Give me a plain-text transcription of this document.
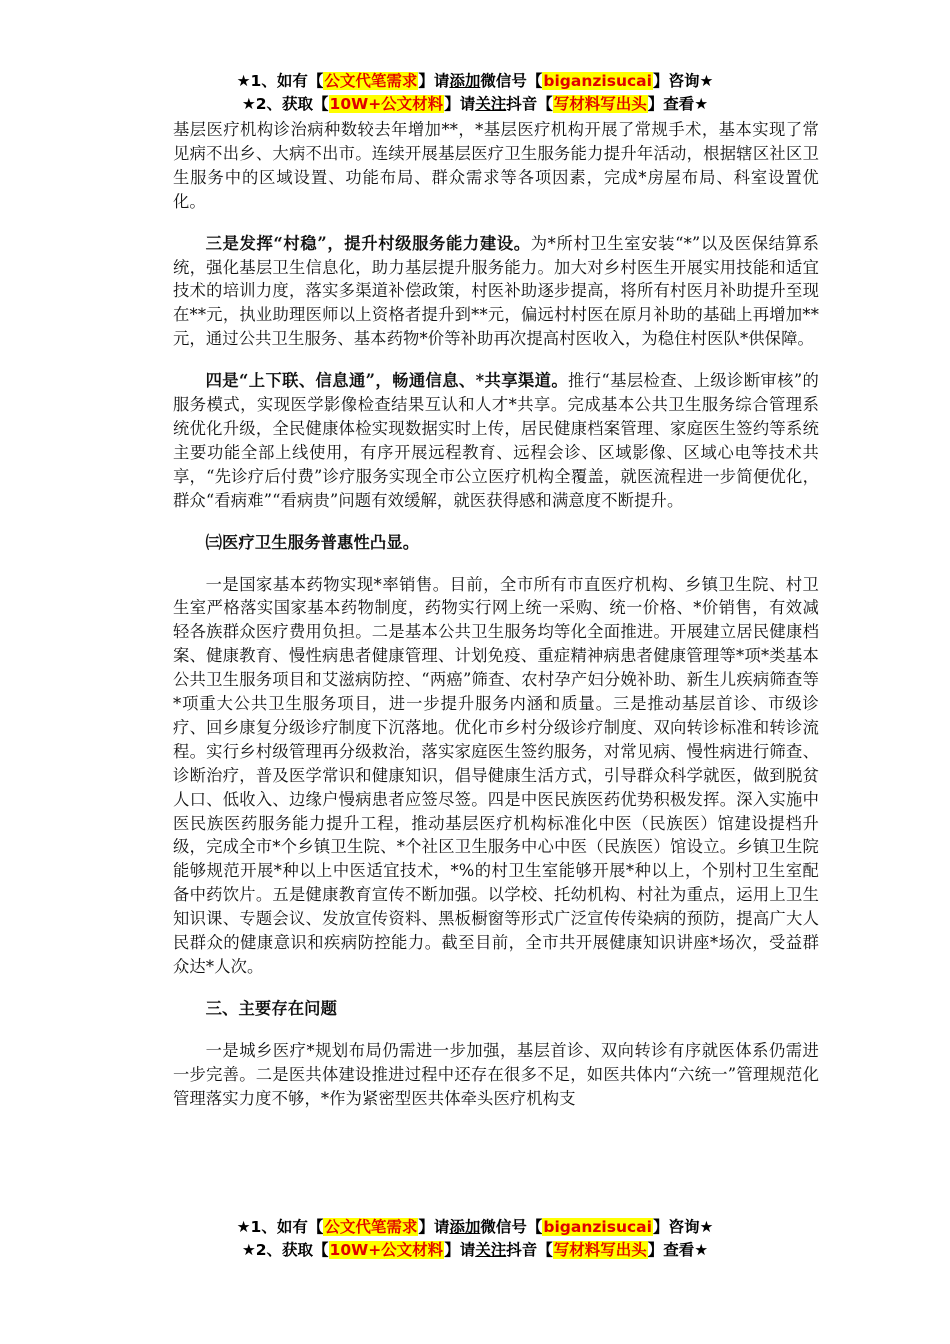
★1、如有【公文代笔需求】请添加微信号【biganzisucai】咨询★
★2、获取【10W+公文材料】请关注抖音【写材料写出头】查看★

基层医疗机构诊治病种数较去年增加**，*基层医疗机构开展了常规手术，基本实现了常见病不出乡、大病不出市。连续开展基层医疗卫生服务能力提升年活动，根据辖区社区卫生服务中的区域设置、功能布局、群众需求等各项因素，完成*房屋布局、科室设置优化。

三是发挥“村稳”，提升村级服务能力建设。为*所村卫生室安装“*”以及医保结算系统，强化基层卫生信息化，助力基层提升服务能力。加大对乡村医生开展实用技能和适宜技术的培训力度，落实多渠道补偿政策，村医补助逐步提高，将所有村医月补助提升至现在**元，执业助理医师以上资格者提升到**元，偏远村村医在原月补助的基础上再增加**元，通过公共卫生服务、基本药物*价等补助再次提高村医收入，为稳住村医队*供保障。

四是“上下联、信息通”，畅通信息、*共享渠道。推行“基层检查、上级诊断审核”的服务模式，实现医学影像检查结果互认和人才*共享。完成基本公共卫生服务综合管理系统优化升级，全民健康体检实现数据实时上传，居民健康档案管理、家庭医生签约等系统主要功能全部上线使用，有序开展远程教育、远程会诊、区域影像、区域心电等技术共享，“先诊疗后付费”诊疗服务实现全市公立医疗机构全覆盖，就医流程进一步简便优化，群众“看病难”“看病贵”问题有效缓解，就医获得感和满意度不断提升。

㈢医疗卫生服务普惠性凸显。

一是国家基本药物实现*率销售。目前，全市所有市直医疗机构、乡镇卫生院、村卫生室严格落实国家基本药物制度，药物实行网上统一采购、统一价格、*价销售，有效减轻各族群众医疗费用负担。二是基本公共卫生服务均等化全面推进。开展建立居民健康档案、健康教育、慢性病患者健康管理、计划免疫、重症精神病患者健康管理等*项*类基本公共卫生服务项目和艾滋病防控、“两癌”筛查、农村孕产妇分娩补助、新生儿疾病筛查等*项重大公共卫生服务项目，进一步提升服务内涵和质量。三是推动基层首诊、市级诊疗、回乡康复分级诊疗制度下沉落地。优化市乡村分级诊疗制度、双向转诊标准和转诊流程。实行乡村级管理再分级救治，落实家庭医生签约服务，对常见病、慢性病进行筛查、诊断治疗，普及医学常识和健康知识，倡导健康生活方式，引导群众科学就医，做到脱贫人口、低收入、边缘户慢病患者应签尽签。四是中医民族医药优势积极发挥。深入实施中医民族医药服务能力提升工程，推动基层医疗机构标准化中医（民族医）馆建设提档升级，完成全市*个乡镇卫生院、*个社区卫生服务中心中医（民族医）馆设立。乡镇卫生院能够规范开展*种以上中医适宜技术，*%的村卫生室能够开展*种以上，个别村卫生室配备中药饮片。五是健康教育宣传不断加强。以学校、托幼机构、村社为重点，运用上卫生知识课、专题会议、发放宣传资料、黑板橱窗等形式广泛宣传传染病的预防，提高广大人民群众的健康意识和疾病防控能力。截至目前，全市共开展健康知识讲座*场次，受益群众达*人次。

三、主要存在问题

一是城乡医疗*规划布局仍需进一步加强，基层首诊、双向转诊有序就医体系仍需进一步完善。二是医共体建设推进过程中还存在很多不足，如医共体内“六统一”管理规范化管理落实力度不够，*作为紧密型医共体牵头医疗机构支

★1、如有【公文代笔需求】请添加微信号【biganzisucai】咨询★
★2、获取【10W+公文材料】请关注抖音【写材料写出头】查看★
